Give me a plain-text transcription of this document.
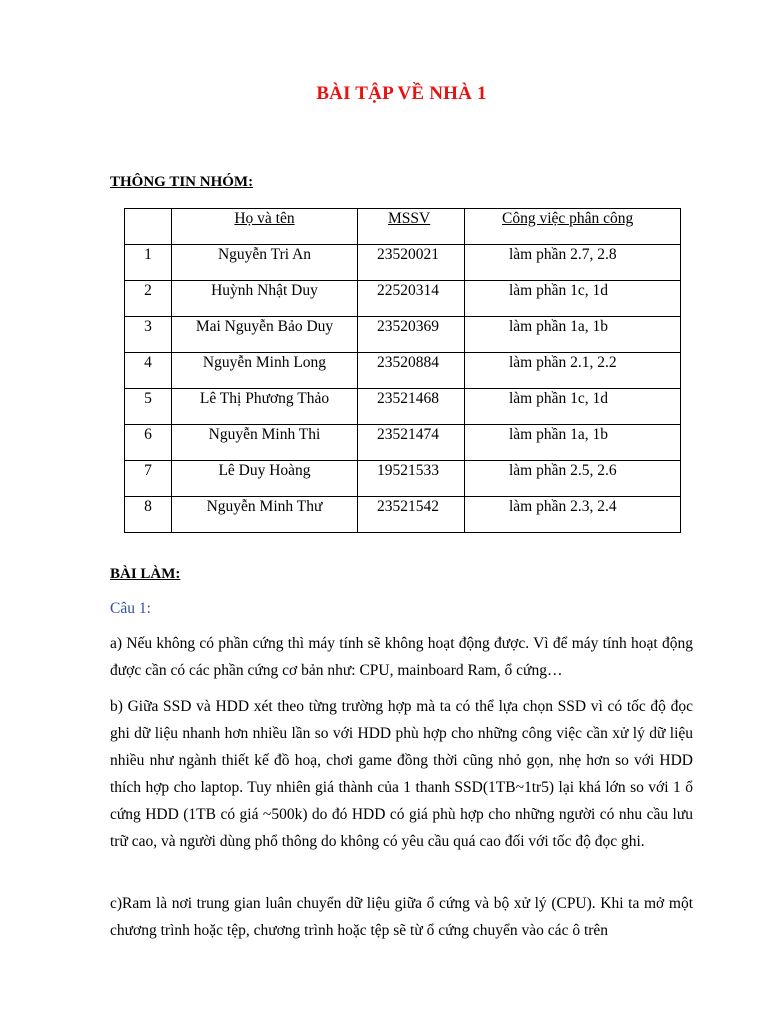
BÀI TẬP VỀ NHÀ 1
THÔNG TIN NHÓM:

	Họ và tên	MSSV	Công việc phân công

1	Nguyễn Tri An	23520021	làm phần 2.7, 2.8

2	Huỳnh Nhật Duy	22520314	làm phần 1c, 1d

3	Mai Nguyễn Bảo Duy	23520369	làm phần 1a, 1b

4	Nguyễn Minh Long	23520884	làm phần 2.1, 2.2

5	Lê Thị Phương Thảo	23521468	làm phần 1c, 1d

6	Nguyễn Minh Thi	23521474	làm phần 1a, 1b

7	Lê Duy Hoàng	19521533	làm phần 2.5, 2.6

8	Nguyễn Minh Thư	23521542	làm phần 2.3, 2.4
BÀI LÀM:
Câu 1:

a) Nếu không có phần cứng thì máy tính sẽ không hoạt động được. Vì để máy tính hoạt động được cần có các phần cứng cơ bản như: CPU, mainboard Ram, ổ cứng…

b) Giữa SSD và HDD xét theo từng trường hợp mà ta có thể lựa chọn SSD vì có tốc độ đọc ghi dữ liệu nhanh hơn nhiều lần so với HDD phù hợp cho những công việc cần xử lý dữ liệu nhiều như ngành thiết kế đồ hoạ, chơi game đồng thời cũng nhỏ gọn, nhẹ hơn so với HDD thích hợp cho laptop. Tuy nhiên giá thành của 1 thanh SSD(1TB~1tr5) lại khá lớn so với 1 ổ cứng HDD (1TB có giá ~500k) do đó HDD có giá phù hợp cho những người có nhu cầu lưu trữ cao, và người dùng phổ thông do không có yêu cầu quá cao đối với tốc độ đọc ghi.

c)Ram là nơi trung gian luân chuyển dữ liệu giữa ổ cứng và bộ xử lý (CPU). Khi ta mở một chương trình hoặc tệp, chương trình hoặc tệp sẽ từ ổ cứng chuyển vào các ô trên
